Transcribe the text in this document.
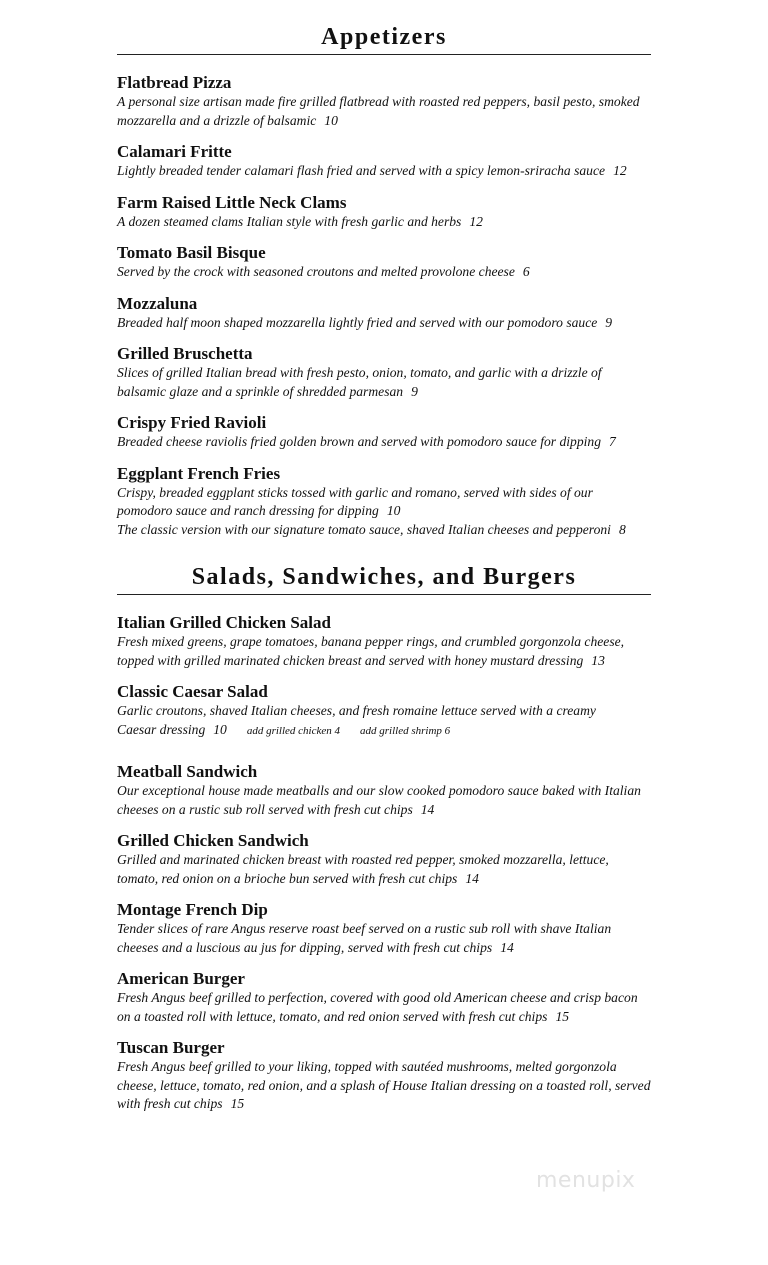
Appetizers

Flatbread Pizza

A personal size artisan made fire grilled flatbread with roasted red peppers, basil pesto, smoked mozzarella and a drizzle of balsamic 10

Calamari Fritte

Lightly breaded tender calamari flash fried and served with a spicy lemon-sriracha sauce 12

Farm Raised Little Neck Clams

A dozen steamed clams Italian style with fresh garlic and herbs 12

Tomato Basil Bisque

Served by the crock with seasoned croutons and melted provolone cheese 6

Mozzaluna

Breaded half moon shaped mozzarella lightly fried and served with our pomodoro sauce 9

Grilled Bruschetta

Slices of grilled Italian bread with fresh pesto, onion, tomato, and garlic with a drizzle of balsamic glaze and a sprinkle of shredded parmesan 9

Crispy Fried Ravioli

Breaded cheese raviolis fried golden brown and served with pomodoro sauce for dipping 7

Eggplant French Fries

Crispy, breaded eggplant sticks tossed with garlic and romano, served with sides of our pomodoro sauce and ranch dressing for dipping 10

The classic version with our signature tomato sauce, shaved Italian cheeses and pepperoni 8

Salads, Sandwiches, and Burgers

Italian Grilled Chicken Salad

Fresh mixed greens, grape tomatoes, banana pepper rings, and crumbled gorgonzola cheese, topped with grilled marinated chicken breast and served with honey mustard dressing 13

Classic Caesar Salad

Garlic croutons, shaved Italian cheeses, and fresh romaine lettuce served with a creamy

Caesar dressing 10 add grilled chicken 4 add grilled shrimp 6

Meatball Sandwich

Our exceptional house made meatballs and our slow cooked pomodoro sauce baked with Italian cheeses on a rustic sub roll served with fresh cut chips 14

Grilled Chicken Sandwich

Grilled and marinated chicken breast with roasted red pepper, smoked mozzarella, lettuce, tomato, red onion on a brioche bun served with fresh cut chips 14

Montage French Dip

Tender slices of rare Angus reserve roast beef served on a rustic sub roll with shave Italian cheeses and a luscious au jus for dipping, served with fresh cut chips 14

American Burger

Fresh Angus beef grilled to perfection, covered with good old American cheese and crisp bacon on a toasted roll with lettuce, tomato, and red onion served with fresh cut chips 15

Tuscan Burger

Fresh Angus beef grilled to your liking, topped with sautéed mushrooms, melted gorgonzola cheese, lettuce, tomato, red onion, and a splash of House Italian dressing on a toasted roll, served with fresh cut chips 15

menupix
